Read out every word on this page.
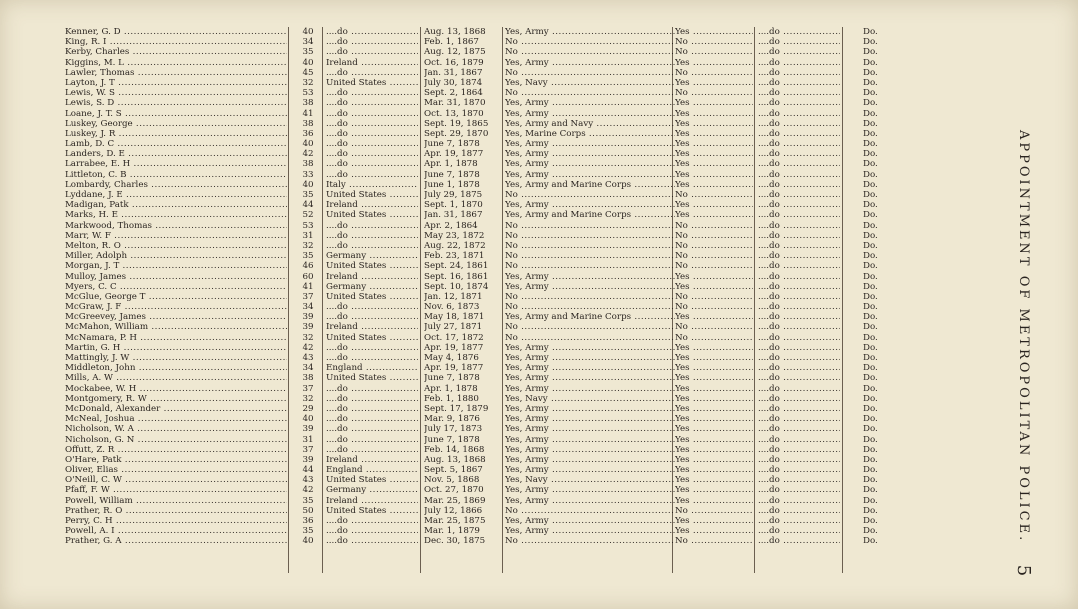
Kenner, G. D .....	40	....do .....	Aug. 13, 1868	Yes, Army .....	Yes .....	....do .....	Do.
King, R. I .....	34	....do .....	Feb. 1, 1867	No .....	No .....	....do .....	Do.
Kerby, Charles .....	35	....do .....	Aug. 12, 1875	No .....	No .....	....do .....	Do.
Kiggins, M. L .....	40	Ireland .....	Oct. 16, 1879	Yes, Army .....	Yes .....	....do .....	Do.
Lawler, Thomas .....	45	....do .....	Jan. 31, 1867	No .....	No .....	....do .....	Do.
Layton, J. T .....	32	United States .....	July 30, 1874	Yes, Navy .....	Yes .....	....do .....	Do.
Lewis, W. S .....	53	....do .....	Sept. 2, 1864	No .....	No .....	....do .....	Do.
Lewis, S. D .....	38	....do .....	Mar. 31, 1870	Yes, Army .....	Yes .....	....do .....	Do.
Loane, J. T. S .....	41	....do .....	Oct. 13, 1870	Yes, Army .....	Yes .....	....do .....	Do.
Luskey, George .....	38	....do .....	Sept. 19, 1865	Yes, Army and Navy .....	Yes .....	....do .....	Do.
Luskey, J. R .....	36	....do .....	Sept. 29, 1870	Yes, Marine Corps .....	Yes .....	....do .....	Do.
Lamb, D. C .....	40	....do .....	June 7, 1878	Yes, Army .....	Yes .....	....do .....	Do.
Landers, D. E .....	42	....do .....	Apr. 19, 1877	Yes, Army .....	Yes .....	....do .....	Do.
Larrabee, E. H .....	38	....do .....	Apr. 1, 1878	Yes, Army .....	Yes .....	....do .....	Do.
Littleton, C. B .....	33	....do .....	June 7, 1878	Yes, Army .....	Yes .....	....do .....	Do.
Lombardy, Charles .....	40	Italy .....	June 1, 1878	Yes, Army and Marine Corps .....	Yes .....	....do .....	Do.
Lyddane, J. E .....	35	United States .....	July 29, 1875	No .....	No .....	....do .....	Do.
Madigan, Patk .....	44	Ireland .....	Sept. 1, 1870	Yes, Army .....	Yes .....	....do .....	Do.
Marks, H. E .....	52	United States .....	Jan. 31, 1867	Yes, Army and Marine Corps .....	Yes .....	....do .....	Do.
Markwood, Thomas .....	53	....do .....	Apr. 2, 1864	No .....	No .....	....do .....	Do.
Marr, W. F .....	31	....do .....	May 23, 1872	No .....	No .....	....do .....	Do.
Melton, R. O .....	32	....do .....	Aug. 22, 1872	No .....	No .....	....do .....	Do.
Miller, Adolph .....	35	Germany .....	Feb. 23, 1871	No .....	No .....	....do .....	Do.
Morgan, J. T .....	46	United States .....	Sept. 24, 1861	No .....	No .....	....do .....	Do.
Mulloy, James .....	60	Ireland .....	Sept. 16, 1861	Yes, Army .....	Yes .....	....do .....	Do.
Myers, C. C .....	41	Germany .....	Sept. 10, 1874	Yes, Army .....	Yes .....	....do .....	Do.
McGlue, George T .....	37	United States .....	Jan. 12, 1871	No .....	No .....	....do .....	Do.
McGraw, J. F .....	34	....do .....	Nov. 6, 1873	No .....	No .....	....do .....	Do.
McGreevey, James .....	39	....do .....	May 18, 1871	Yes, Army and Marine Corps .....	Yes .....	....do .....	Do.
McMahon, William .....	39	Ireland .....	July 27, 1871	No .....	No .....	....do .....	Do.
McNamara, P. H .....	32	United States .....	Oct. 17, 1872	No .....	No .....	....do .....	Do.
Martin, G. H .....	42	....do .....	Apr. 19, 1877	Yes, Army .....	Yes .....	....do .....	Do.
Mattingly, J. W .....	43	....do .....	May 4, 1876	Yes, Army .....	Yes .....	....do .....	Do.
Middleton, John .....	34	England .....	Apr. 19, 1877	Yes, Army .....	Yes .....	....do .....	Do.
Mills, A. W .....	38	United States .....	June 7, 1878	Yes, Army .....	Yes .....	....do .....	Do.
Mockabee, W. H .....	37	....do .....	Apr. 1, 1878	Yes, Army .....	Yes .....	....do .....	Do.
Montgomery, R. W .....	32	....do .....	Feb. 1, 1880	Yes, Navy .....	Yes .....	....do .....	Do.
McDonald, Alexander .....	29	....do .....	Sept. 17, 1879	Yes, Army .....	Yes .....	....do .....	Do.
McNeal, Joshua .....	40	....do .....	Mar. 9, 1876	Yes, Army .....	Yes .....	....do .....	Do.
Nicholson, W. A .....	39	....do .....	July 17, 1873	Yes, Army .....	Yes .....	....do .....	Do.
Nicholson, G. N .....	31	....do .....	June 7, 1878	Yes, Army .....	Yes .....	....do .....	Do.
Offutt, Z. R .....	37	....do .....	Feb. 14, 1868	Yes, Army .....	Yes .....	....do .....	Do.
O'Hare, Patk .....	39	Ireland .....	Aug. 13, 1868	Yes, Army .....	Yes .....	....do .....	Do.
Oliver, Elias .....	44	England .....	Sept. 5, 1867	Yes, Army .....	Yes .....	....do .....	Do.
O'Neill, C. W .....	43	United States .....	Nov. 5, 1868	Yes, Navy .....	Yes .....	....do .....	Do.
Pfaff, F. W .....	42	Germany .....	Oct. 27, 1870	Yes, Army .....	Yes .....	....do .....	Do.
Powell, William .....	35	Ireland .....	Mar. 25, 1869	Yes, Army .....	Yes .....	....do .....	Do.
Prather, R. O .....	50	United States .....	July 12, 1866	No .....	No .....	....do .....	Do.
Perry, C. H .....	36	....do .....	Mar. 25, 1875	Yes, Army .....	Yes .....	....do .....	Do.
Powell, A. I .....	35	....do .....	Mar. 1, 1879	Yes, Army .....	Yes .....	....do .....	Do.
Prather, G. A .....	40	....do .....	Dec. 30, 1875	No .....	No .....	....do .....	Do.	APPOINTMENT OF METROPOLITAN POLICE.
5
